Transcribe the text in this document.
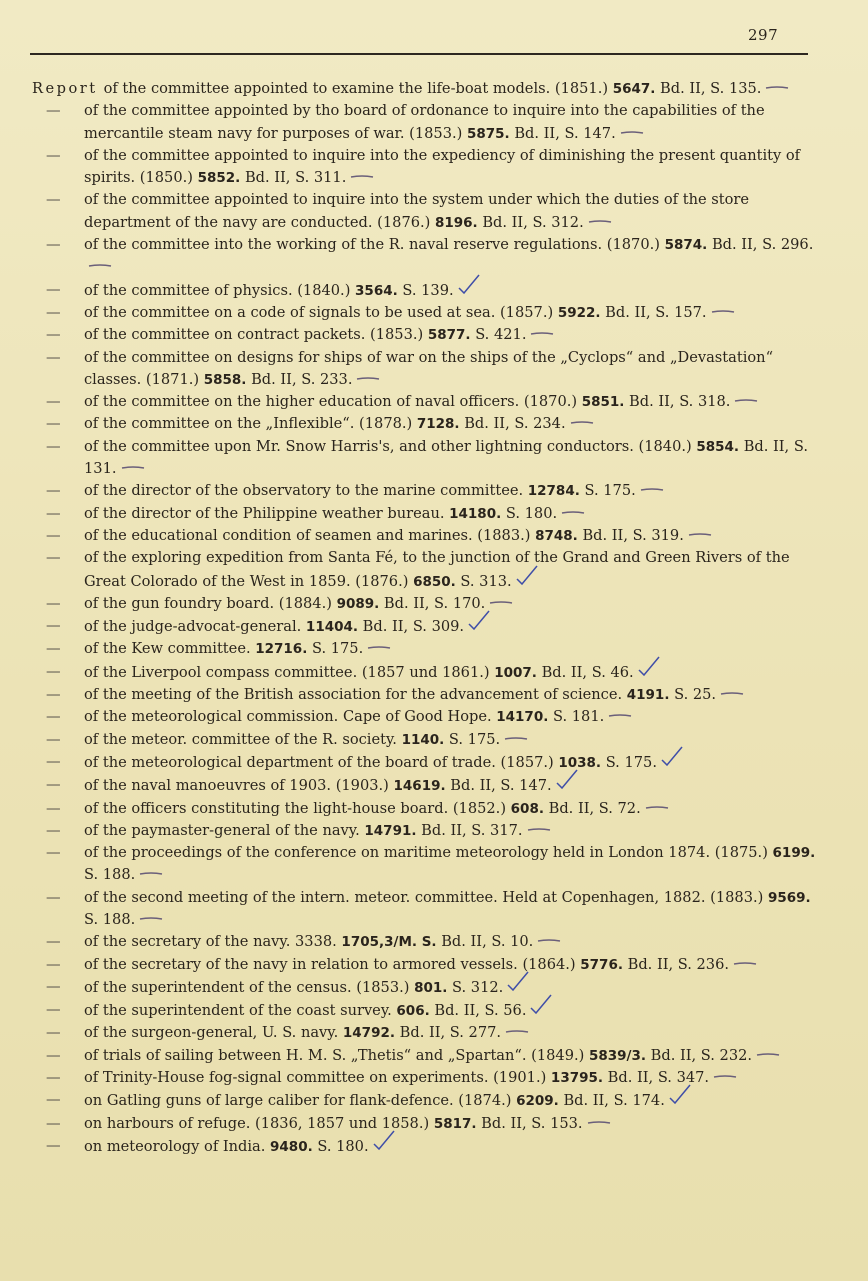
297
Report of the committee appointed to examine the life-boat models. (1851.) 5647. Bd. II, S. 135.
— of the committee appointed by tho board of ordonance to inquire into the capabilities of the mercantile steam navy for purposes of war. (1853.) 5875. Bd. II, S. 147.
— of the committee appointed to inquire into the expediency of diminishing the present quantity of spirits. (1850.) 5852. Bd. II, S. 311.
— of the committee appointed to inquire into the system under which the duties of the store department of the navy are conducted. (1876.) 8196. Bd. II, S. 312.
— of the committee into the working of the R. naval reserve regulations. (1870.) 5874. Bd. II, S. 296.
— of the committee of physics. (1840.) 3564. S. 139.
— of the committee on a code of signals to be used at sea. (1857.) 5922. Bd. II, S. 157.
— of the committee on contract packets. (1853.) 5877. S. 421.
— of the committee on designs for ships of war on the ships of the „Cyclops“ and „Devastation“ classes. (1871.) 5858. Bd. II, S. 233.
— of the committee on the higher education of naval officers. (1870.) 5851. Bd. II, S. 318.
— of the committee on the „Inflexible“. (1878.) 7128. Bd. II, S. 234.
— of the committee upon Mr. Snow Harris's, and other lightning conductors. (1840.) 5854. Bd. II, S. 131.
— of the director of the observatory to the marine committee. 12784. S. 175.
— of the director of the Philippine weather bureau. 14180. S. 180.
— of the educational condition of seamen and marines. (1883.) 8748. Bd. II, S. 319.
— of the exploring expedition from Santa Fé, to the junction of the Grand and Green Rivers of the Great Colorado of the West in 1859. (1876.) 6850. S. 313.
— of the gun foundry board. (1884.) 9089. Bd. II, S. 170.
— of the judge-advocat-general. 11404. Bd. II, S. 309.
— of the Kew committee. 12716. S. 175.
— of the Liverpool compass committee. (1857 und 1861.) 1007. Bd. II, S. 46.
— of the meeting of the British association for the advancement of science. 4191. S. 25.
— of the meteorological commission. Cape of Good Hope. 14170. S. 181.
— of the meteor. committee of the R. society. 1140. S. 175.
— of the meteorological department of the board of trade. (1857.) 1038. S. 175.
— of the naval manoeuvres of 1903. (1903.) 14619. Bd. II, S. 147.
— of the officers constituting the light-house board. (1852.) 608. Bd. II, S. 72.
— of the paymaster-general of the navy. 14791. Bd. II, S. 317.
— of the proceedings of the conference on maritime meteorology held in London 1874. (1875.) 6199. S. 188.
— of the second meeting of the intern. meteor. committee. Held at Copenhagen, 1882. (1883.) 9569. S. 188.
— of the secretary of the navy. 3338. 1705,3/M. S. Bd. II, S. 10.
— of the secretary of the navy in relation to armored vessels. (1864.) 5776. Bd. II, S. 236.
— of the superintendent of the census. (1853.) 801. S. 312.
— of the superintendent of the coast survey. 606. Bd. II, S. 56.
— of the surgeon-general, U. S. navy. 14792. Bd. II, S. 277.
— of trials of sailing between H. M. S. „Thetis“ and „Spartan“. (1849.) 5839/3. Bd. II, S. 232.
— of Trinity-House fog-signal committee on experiments. (1901.) 13795. Bd. II, S. 347.
— on Gatling guns of large caliber for flank-defence. (1874.) 6209. Bd. II, S. 174.
— on harbours of refuge. (1836, 1857 und 1858.) 5817. Bd. II, S. 153.
— on meteorology of India. 9480. S. 180.
